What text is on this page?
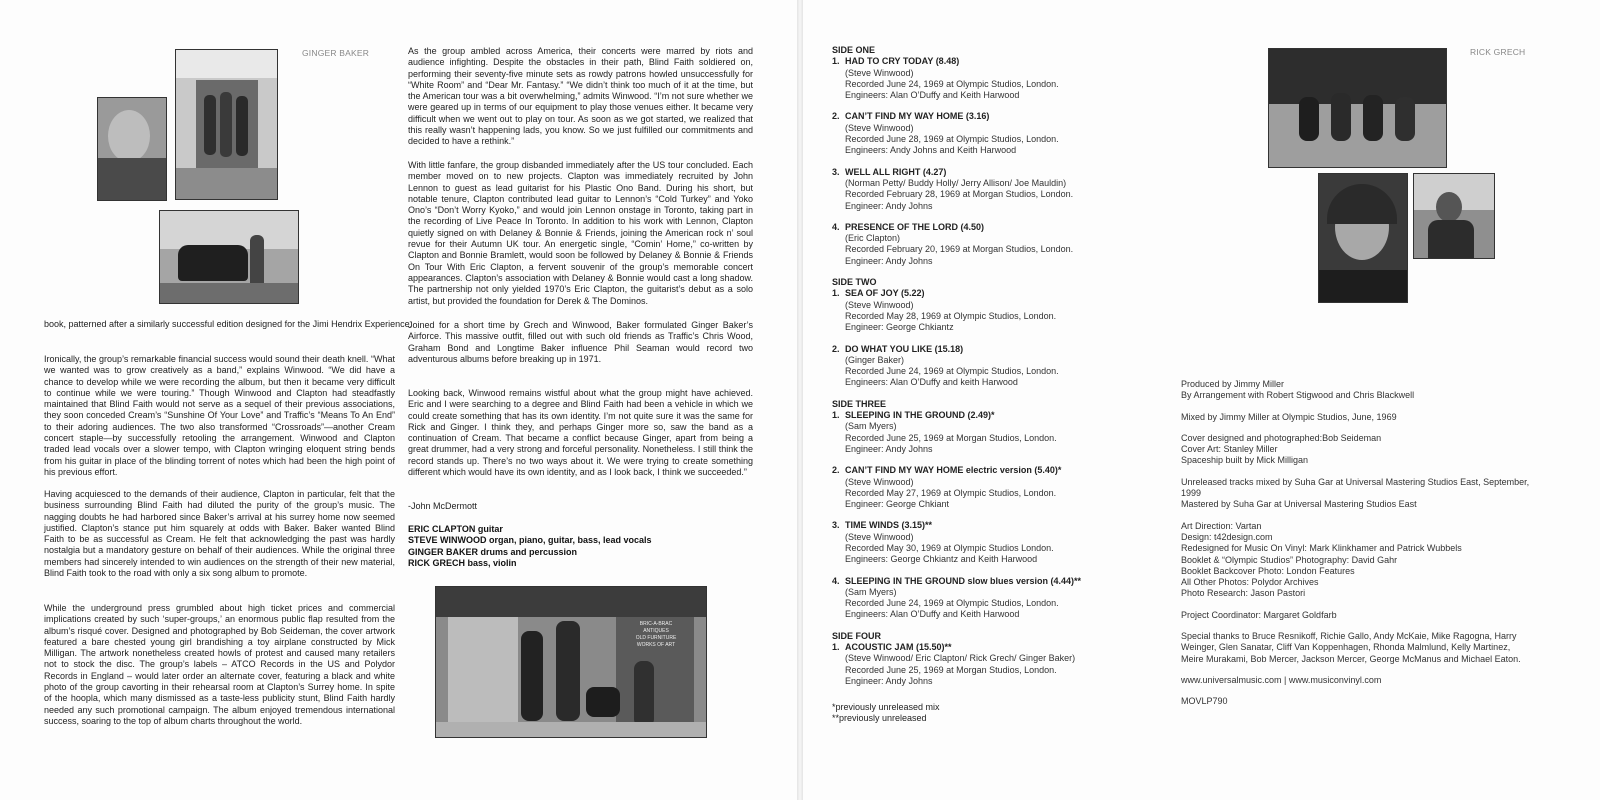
GINGER BAKER

book, patterned after a similarly successful edition designed for the Jimi Hendrix Experience.

Ironically, the group’s remarkable financial success would sound their death knell. “What we wanted was to grow creatively as a band,” explains Winwood. “We did have a chance to develop while we were recording the album, but then it became very difficult to continue while we were touring.” Though Winwood and Clapton had steadfastly maintained that Blind Faith would not serve as a sequel of their previous associations, they soon conceded Cream’s “Sunshine Of Your Love” and Traffic’s “Means To An End” to their adoring audiences. The two also transformed “Crossroads”—another Cream concert staple—by successfully retooling the arrangement. Winwood and Clapton traded lead vocals over a slower tempo, with Clapton wringing eloquent string bends from his guitar in place of the blinding torrent of notes which had been the high point of his previous effort.

Having acquiesced to the demands of their audience, Clapton in particular, felt that the business surrounding Blind Faith had diluted the purity of the group’s music. The nagging doubts he had harbored since Baker’s arrival at his surrey home now seemed justified. Clapton’s stance put him squarely at odds with Baker. Baker wanted Blind Faith to be as successful as Cream. He felt that acknowledging the past was hardly nostalgia but a mandatory gesture on behalf of their audiences. While the original three members had sincerely intended to win audiences on the strength of their new material, Blind Faith took to the road with only a six song album to promote.

While the underground press grumbled about high ticket prices and commercial implications created by such ‘super-groups,’ an enormous public flap resulted from the album’s risqué cover. Designed and photographed by Bob Seideman, the cover artwork featured a bare chested young girl brandishing a toy airplane constructed by Mick Milligan. The artwork nonetheless created howls of protest and caused many retailers not to stock the disc. The group’s labels – ATCO Records in the US and Polydor Records in England – would later order an alternate cover, featuring a black and white photo of the group cavorting in their rehearsal room at Clapton’s Surrey home. In spite of the hoopla, which many dismissed as a taste-less publicity stunt, Blind Faith hardly needed any such promotional campaign. The album enjoyed tremendous international success, soaring to the top of album charts throughout the world.

As the group ambled across America, their concerts were marred by riots and audience infighting. Despite the obstacles in their path, Blind Faith soldiered on, performing their seventy-five minute sets as rowdy patrons howled unsuccessfully for “White Room” and “Dear Mr. Fantasy.” “We didn’t think too much of it at the time, but the American tour was a bit overwhelming,” admits Winwood. “I’m not sure whether we were geared up in terms of our equipment to play those venues either. It became very difficult when we went out to play on tour. As soon as we got started, we realized that this really wasn’t happening lads, you know. So we just fulfilled our commitments and decided to have a rethink.”

With little fanfare, the group disbanded immediately after the US tour concluded. Each member moved on to new projects. Clapton was immediately recruited by John Lennon to guest as lead guitarist for his Plastic Ono Band. During his short, but notable tenure, Clapton contributed lead guitar to Lennon’s “Cold Turkey” and Yoko Ono’s “Don’t Worry Kyoko,” and would join Lennon onstage in Toronto, taking part in the recording of Live Peace In Toronto. In addition to his work with Lennon, Clapton quietly signed on with Delaney & Bonnie & Friends, joining the American rock n’ soul revue for their Autumn UK tour. An energetic single, “Comin’ Home,” co-written by Clapton and Bonnie Bramlett, would soon be followed by Delaney & Bonnie & Friends On Tour With Eric Clapton, a fervent souvenir of the group’s memorable concert appearances. Clapton’s association with Delaney & Bonnie would cast a long shadow. The partnership not only yielded 1970’s Eric Clapton, the guitarist’s debut as a solo artist, but provided the foundation for Derek & The Dominos.

Joined for a short time by Grech and Winwood, Baker formulated Ginger Baker’s Airforce. This massive outfit, filled out with such old friends as Traffic’s Chris Wood, Graham Bond and Longtime Baker influence Phil Seaman would record two adventurous albums before breaking up in 1971.

Looking back, Winwood remains wistful about what the group might have achieved. Eric and I were searching to a degree and Blind Faith had been a vehicle in which we could create something that has its own identity. I’m not quite sure it was the same for Rick and Ginger. I think they, and perhaps Ginger more so, saw the band as a continuation of Cream. That became a conflict because Ginger, apart from being a great drummer, had a very strong and forceful personality. Nonetheless. I still think the record stands up. There’s no two ways about it. We were trying to create something different which would have its own identity, and as I look back, I think we succeeded.”

-John McDermott
ERIC CLAPTON guitar
STEVE WINWOOD organ, piano, guitar, bass, lead vocals
GINGER BAKER drums and percussion
RICK GRECH bass, violin
BRIC-A-BRAC
ANTIQUES
OLD FURNITURE
WORKS OF ART
SIDE ONE
1. HAD TO CRY TODAY (8.48)
(Steve Winwood)
Recorded June 24, 1969 at Olympic Studios, London.
Engineers: Alan O’Duffy and Keith Harwood
2. CAN’T FIND MY WAY HOME (3.16)
(Steve Winwood)
Recorded June 28, 1969 at Olympic Studios, London.
Engineers: Andy Johns and Keith Harwood
3. WELL ALL RIGHT (4.27)
(Norman Petty/ Buddy Holly/ Jerry Allison/ Joe Mauldin)
Recorded February 28, 1969 at Morgan Studios, London.
Engineer: Andy Johns
4. PRESENCE OF THE LORD (4.50)
(Eric Clapton)
Recorded February 20, 1969 at Morgan Studios, London.
Engineer: Andy Johns
SIDE TWO
1. SEA OF JOY (5.22)
(Steve Winwood)
Recorded May 28, 1969 at Olympic Studios, London.
Engineer: George Chkiantz
2. DO WHAT YOU LIKE (15.18)
(Ginger Baker)
Recorded June 24, 1969 at Olympic Studios, London.
Engineers: Alan O’Duffy and keith Harwood
SIDE THREE
1. SLEEPING IN THE GROUND (2.49)*
(Sam Myers)
Recorded June 25, 1969 at Morgan Studios, London.
Engineer: Andy Johns
2. CAN’T FIND MY WAY HOME electric version (5.40)*
(Steve Winwood)
Recorded May 27, 1969 at Olympic Studios, London.
Engineer: George Chkiant
3. TIME WINDS (3.15)**
(Steve Winwood)
Recorded May 30, 1969 at Olympic Studios London.
Engineers: George Chkiantz and Keith Harwood
4. SLEEPING IN THE GROUND slow blues version (4.44)**
(Sam Myers)
Recorded June 24, 1969 at Olympic Studios, London.
Engineers: Alan O’Duffy and Keith Harwood
SIDE FOUR
1. ACOUSTIC JAM (15.50)**
(Steve Winwood/ Eric Clapton/ Rick Grech/ Ginger Baker)
Recorded June 25, 1969 at Morgan Studios, London.
Engineer: Andy Johns
*previously unreleased mix
**previously unreleased
RICK GRECH
Produced by Jimmy Miller
By Arrangement with Robert Stigwood and Chris Blackwell
Mixed by Jimmy Miller at Olympic Studios, June, 1969
Cover designed and photographed:Bob Seideman
Cover Art: Stanley Miller
Spaceship built by Mick Milligan
Unreleased tracks mixed by Suha Gar at Universal Mastering Studios East, September, 1999
Mastered by Suha Gar at Universal Mastering Studios East
Art Direction: Vartan
Design: t42design.com
Redesigned for Music On Vinyl: Mark Klinkhamer and Patrick Wubbels
Booklet & “Olympic Studios” Photography: David Gahr
Booklet Backcover Photo: London Features
All Other Photos: Polydor Archives
Photo Research: Jason Pastori
Project Coordinator: Margaret Goldfarb
Special thanks to Bruce Resnikoff, Richie Gallo, Andy McKaie, Mike Ragogna, Harry Weinger, Glen Sanatar, Cliff Van Koppenhagen, Rhonda Malmlund, Kelly Martinez, Meire Murakami, Bob Mercer, Jackson Mercer, George McManus and Michael Eaton.
www.universalmusic.com | www.musiconvinyl.com
MOVLP790
